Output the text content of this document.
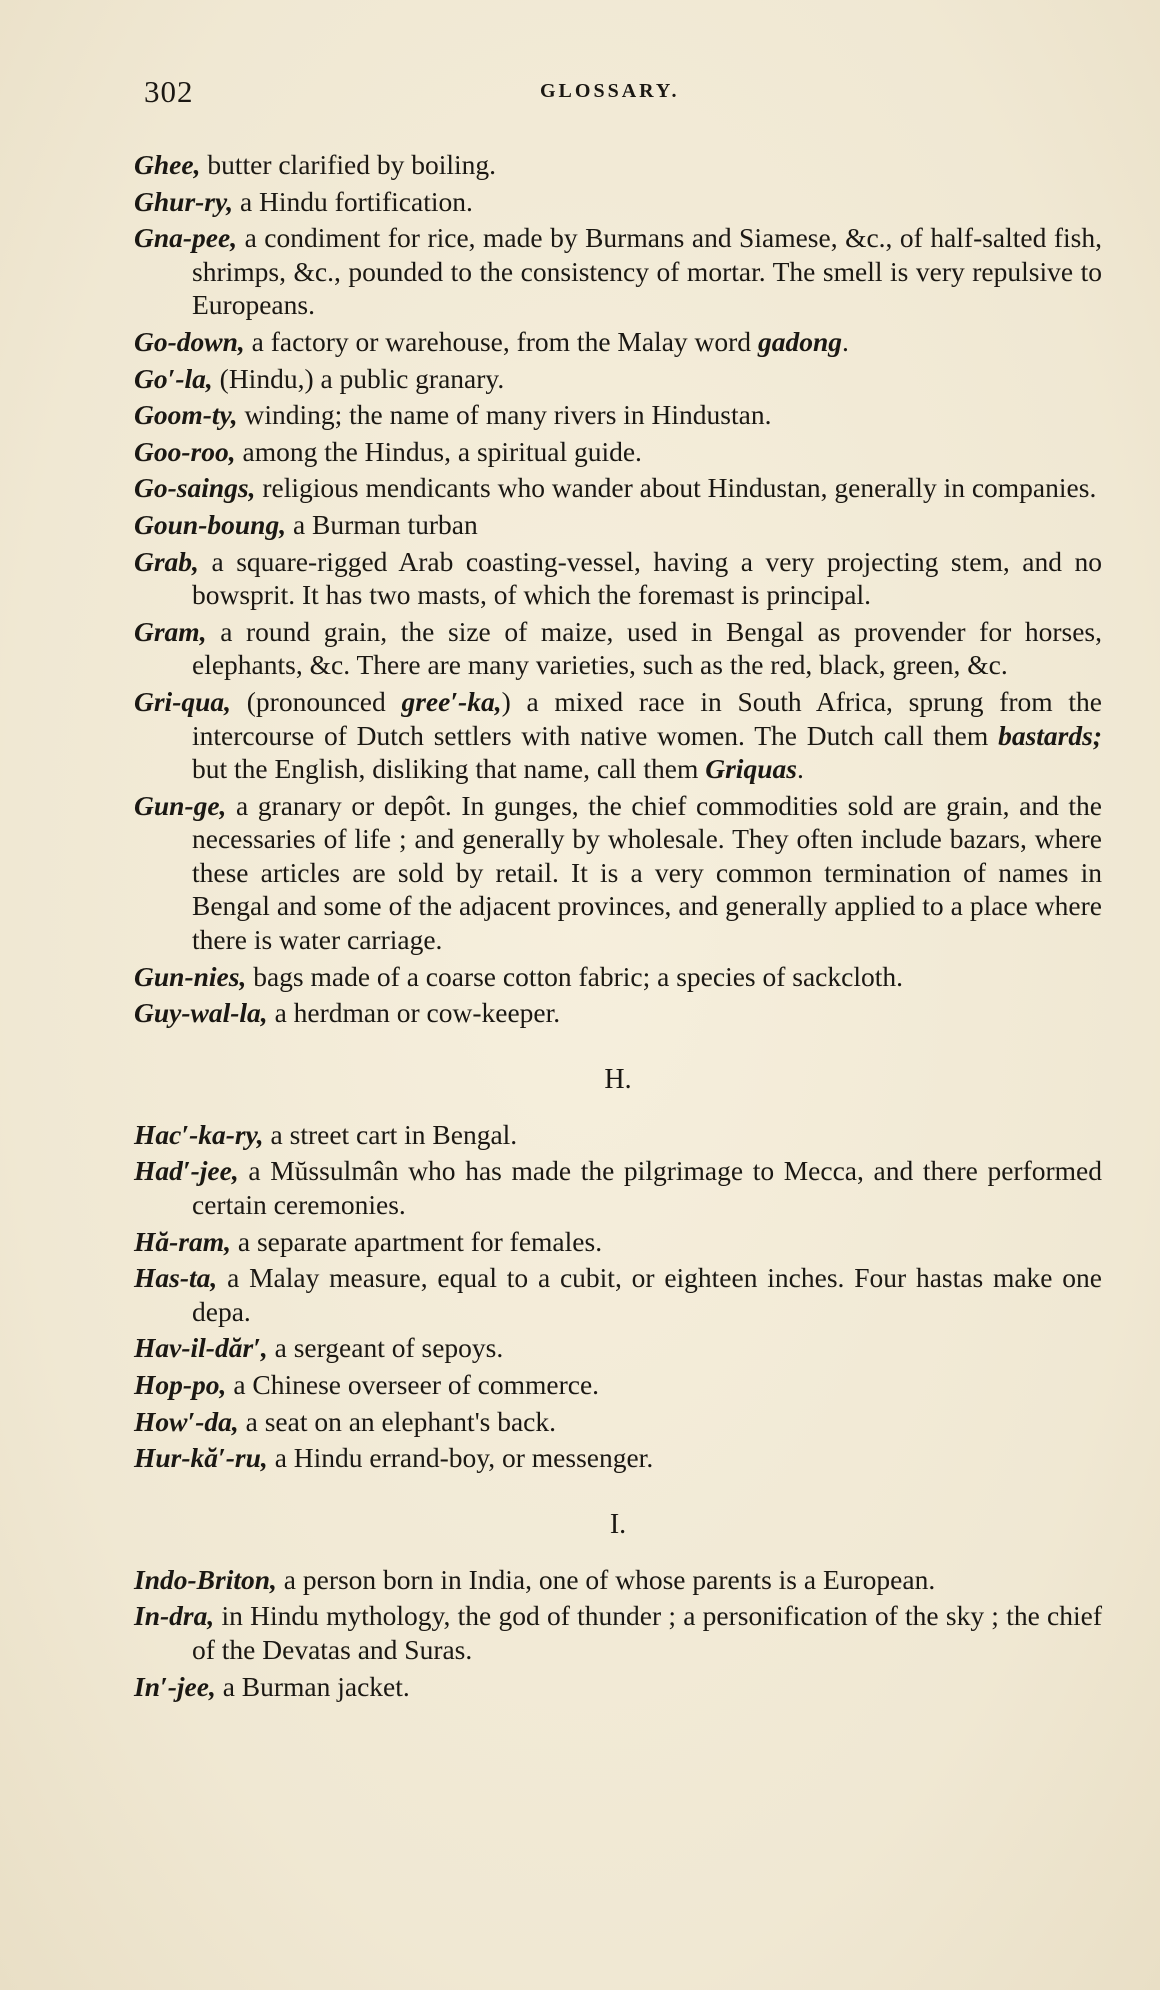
302	GLOSSARY.

Ghee, butter clarified by boiling.

Ghur-ry, a Hindu fortification.

Gna-pee, a condiment for rice, made by Burmans and Siamese, &c., of half-salted fish, shrimps, &c., pounded to the consistency of mortar. The smell is very repulsive to Europeans.

Go-down, a factory or warehouse, from the Malay word gadong.

Go′-la, (Hindu,) a public granary.

Goom-ty, winding; the name of many rivers in Hindustan.

Goo-roo, among the Hindus, a spiritual guide.

Go-saings, religious mendicants who wander about Hindustan, generally in companies.

Goun-boung, a Burman turban

Grab, a square-rigged Arab coasting-vessel, having a very projecting stem, and no bowsprit. It has two masts, of which the foremast is principal.

Gram, a round grain, the size of maize, used in Bengal as provender for horses, elephants, &c. There are many varieties, such as the red, black, green, &c.

Gri-qua, (pronounced gree′-ka,) a mixed race in South Africa, sprung from the intercourse of Dutch settlers with native women. The Dutch call them bastards; but the English, disliking that name, call them Griquas.

Gun-ge, a granary or depôt. In gunges, the chief commodities sold are grain, and the necessaries of life ; and generally by wholesale. They often include bazars, where these articles are sold by retail. It is a very common termination of names in Bengal and some of the adjacent provinces, and generally applied to a place where there is water carriage.

Gun-nies, bags made of a coarse cotton fabric; a species of sackcloth.

Guy-wal-la, a herdman or cow-keeper.

H.

Hac′-ka-ry, a street cart in Bengal.

Had′-jee, a Mŭssulmân who has made the pilgrimage to Mecca, and there performed certain ceremonies.

Hă-ram, a separate apartment for females.

Has-ta, a Malay measure, equal to a cubit, or eighteen inches. Four hastas make one depa.

Hav-il-dăr′, a sergeant of sepoys.

Hop-po, a Chinese overseer of commerce.

How′-da, a seat on an elephant's back.

Hur-kă′-ru, a Hindu errand-boy, or messenger.

I.

Indo-Briton, a person born in India, one of whose parents is a European.

In-dra, in Hindu mythology, the god of thunder ; a personification of the sky ; the chief of the Devatas and Suras.

In′-jee, a Burman jacket.
